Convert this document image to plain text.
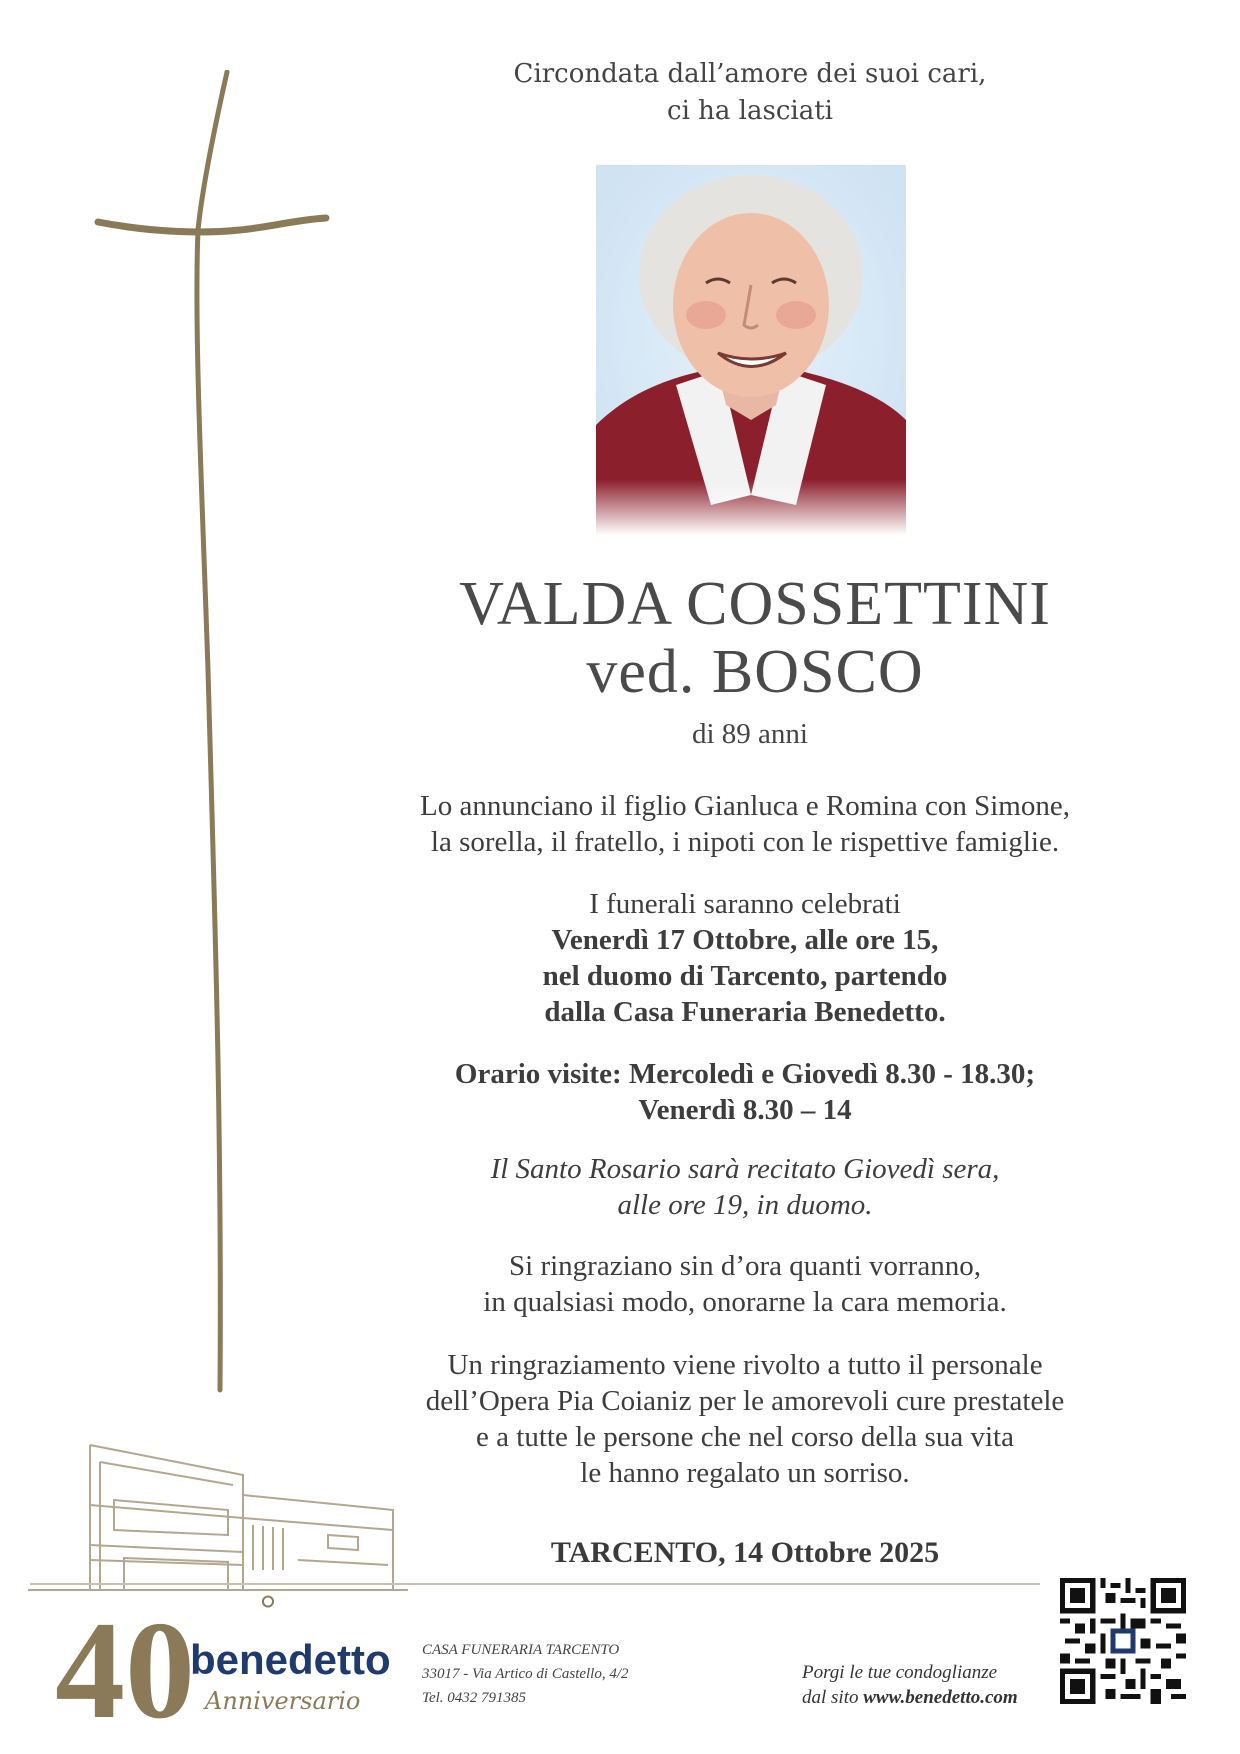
Circondata dall’amore dei suoi cari,
ci ha lasciati
VALDA COSSETTINI
ved. BOSCO
di 89 anni
Lo annunciano il figlio Gianluca e Romina con Simone,
la sorella, il fratello, i nipoti con le rispettive famiglie.
I funerali saranno celebrati
Venerdì 17 Ottobre, alle ore 15,
nel duomo di Tarcento, partendo
dalla Casa Funeraria Benedetto.
Orario visite: Mercoledì e Giovedì 8.30 - 18.30;
Venerdì 8.30 – 14
Il Santo Rosario sarà recitato Giovedì sera,
alle ore 19, in duomo.
Si ringraziano sin d’ora quanti vorranno,
in qualsiasi modo, onorarne la cara memoria.
Un ringraziamento viene rivolto a tutto il personale
dell’Opera Pia Coianiz per le amorevoli cure prestatele
e a tutte le persone che nel corso della sua vita
le hanno regalato un sorriso.
TARCENTO, 14 Ottobre 2025
40 °
benedetto
Anniversario
CASA FUNERARIA TARCENTO
33017 - Via Artico di Castello, 4/2
Tel. 0432 791385
Porgi le tue condoglianze
dal sito www.benedetto.com
